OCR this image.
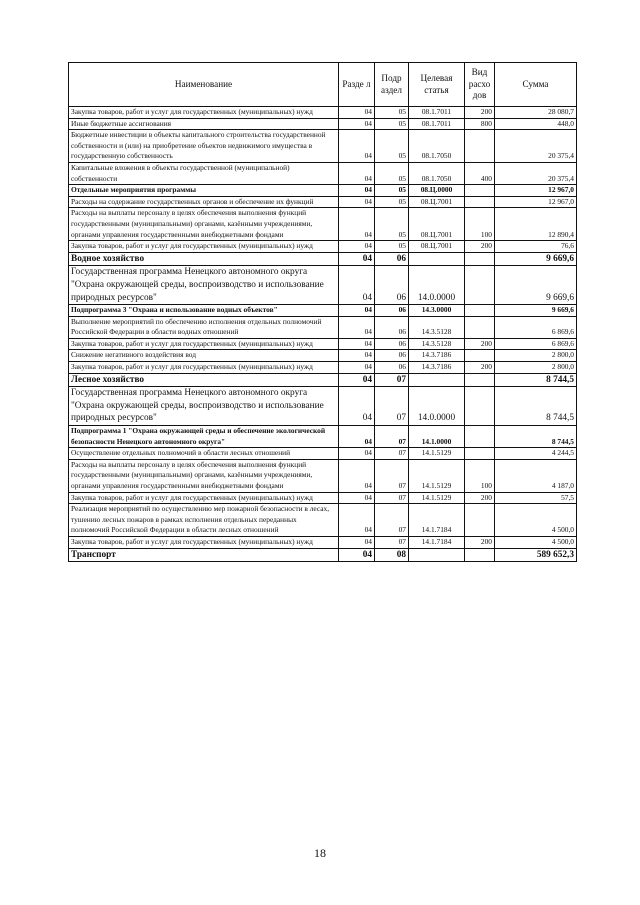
Наименование	Разде л	Подр аздел	Целевая статья	Вид расхо дов	Сумма
Закупка товаров, работ и услуг для государственных (муниципальных) нужд	04	05	08.1.7011	200	28 080,7
Иные бюджетные ассигнования	04	05	08.1.7011	800	448,0
Бюджетные инвестиции в объекты капитального строительства государственной собственности и (или) на приобретение объектов недвижимого имущества в государственную собственность	04	05	08.1.7050		20 375,4
Капитальные вложения в объекты государственной (муниципальной) собственности	04	05	08.1.7050	400	20 375,4
Отдельные мероприятия программы	04	05	08.Ц.0000		12 967,0
Расходы на содержание государственных органов и обеспечение их функций	04	05	08.Ц.7001		12 967,0
Расходы на выплаты персоналу в целях обеспечения выполнения функций государственными (муниципальными) органами, казёнными учреждениями, органами управления государственными внебюджетными фондами	04	05	08.Ц.7001	100	12 890,4
Закупка товаров, работ и услуг для государственных (муниципальных) нужд	04	05	08.Ц.7001	200	76,6
Водное хозяйство	04	06			9 669,6
Государственная программа Ненецкого автономного округа "Охрана окружающей среды, воспроизводство и использование природных ресурсов"	04	06	14.0.0000		9 669,6
Подпрограмма 3 "Охрана и использование водных объектов"	04	06	14.3.0000		9 669,6
Выполнение мероприятий по обеспечению исполнения отдельных полномочий Российской Федерации в области водных отношений	04	06	14.3.5128		6 869,6
Закупка товаров, работ и услуг для государственных (муниципальных) нужд	04	06	14.3.5128	200	6 869,6
Снижение негативного воздействия вод	04	06	14.3.7186		2 800,0
Закупка товаров, работ и услуг для государственных (муниципальных) нужд	04	06	14.3.7186	200	2 800,0
Лесное хозяйство	04	07			8 744,5
Государственная программа Ненецкого автономного округа "Охрана окружающей среды, воспроизводство и использование природных ресурсов"	04	07	14.0.0000		8 744,5
Подпрограмма 1 "Охрана окружающей среды и обеспечение экологической безопасности Ненецкого автономного округа"	04	07	14.1.0000		8 744,5
Осуществление отдельных полномочий в области лесных отношений	04	07	14.1.5129		4 244,5
Расходы на выплаты персоналу в целях обеспечения выполнения функций государственными (муниципальными) органами, казёнными учреждениями, органами управления государственными внебюджетными фондами	04	07	14.1.5129	100	4 187,0
Закупка товаров, работ и услуг для государственных (муниципальных) нужд	04	07	14.1.5129	200	57,5
Реализация мероприятий по осуществлению мер пожарной безопасности в лесах, тушению лесных пожаров в рамках исполнения отдельных переданных полномочий Российской Федерации в области лесных отношений	04	07	14.1.7184		4 500,0
Закупка товаров, работ и услуг для государственных (муниципальных) нужд	04	07	14.1.7184	200	4 500,0
Транспорт	04	08			589 652,3
18
